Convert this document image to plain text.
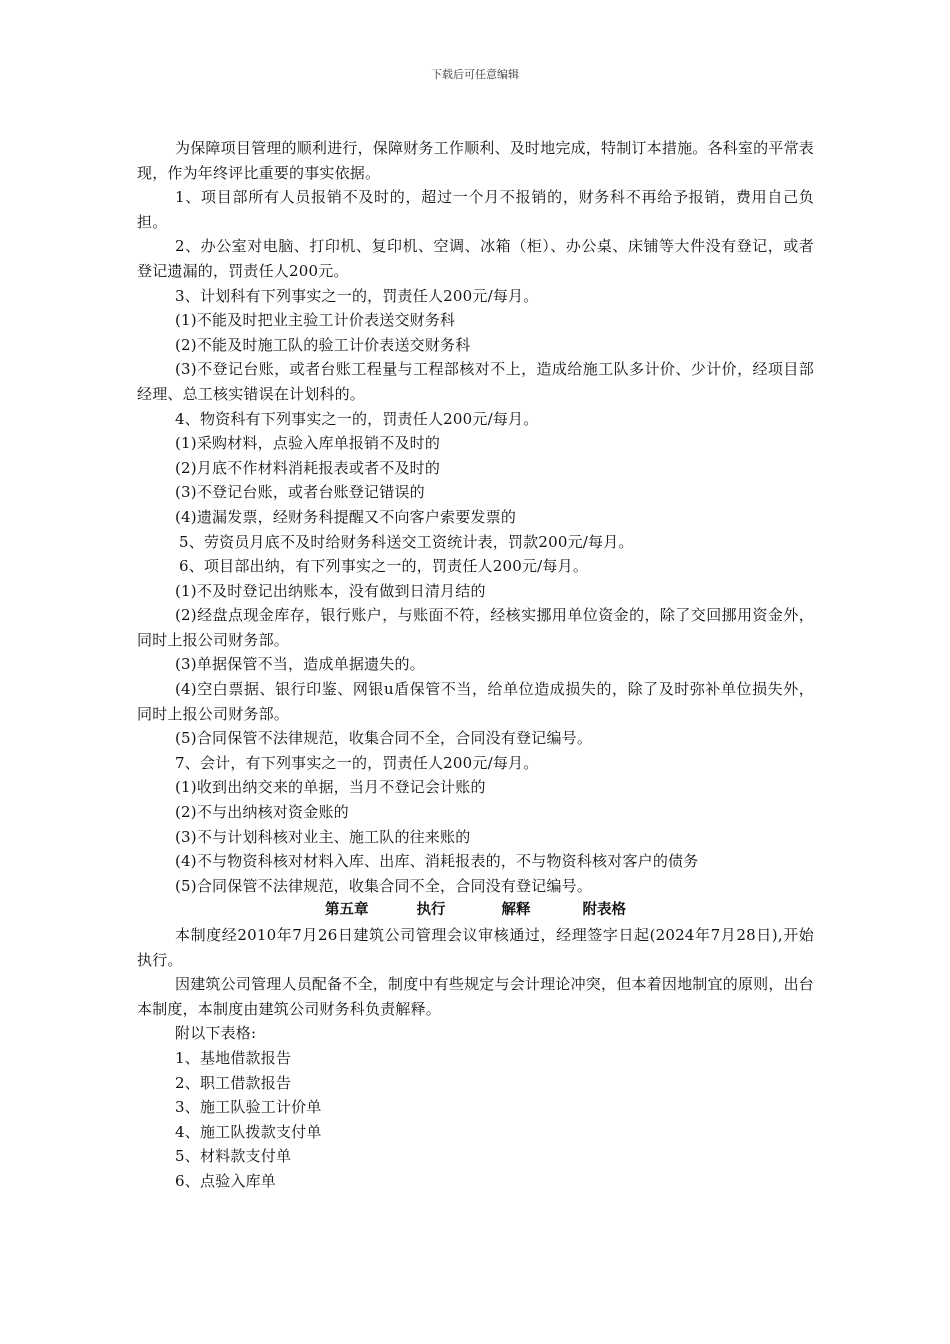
下载后可任意编辑

为保障项目管理的顺利进行，保障财务工作顺利、及时地完成，特制订本措施。各科室的平常表现，作为年终评比重要的事实依据。

1、项目部所有人员报销不及时的，超过一个月不报销的，财务科不再给予报销，费用自己负担。

2、办公室对电脑、打印机、复印机、空调、冰箱（柜）、办公桌、床铺等大件没有登记，或者登记遗漏的，罚责任人200元。

3、计划科有下列事实之一的，罚责任人200元/每月。

(1)不能及时把业主验工计价表送交财务科

(2)不能及时施工队的验工计价表送交财务科

(3)不登记台账，或者台账工程量与工程部核对不上，造成给施工队多计价、少计价，经项目部经理、总工核实错误在计划科的。

4、物资科有下列事实之一的，罚责任人200元/每月。

(1)采购材料，点验入库单报销不及时的

(2)月底不作材料消耗报表或者不及时的

(3)不登记台账，或者台账登记错误的

(4)遗漏发票，经财务科提醒又不向客户索要发票的

5、劳资员月底不及时给财务科送交工资统计表，罚款200元/每月。

6、项目部出纳，有下列事实之一的，罚责任人200元/每月。

(1)不及时登记出纳账本，没有做到日清月结的

(2)经盘点现金库存，银行账户，与账面不符，经核实挪用单位资金的，除了交回挪用资金外，同时上报公司财务部。

(3)单据保管不当，造成单据遗失的。

(4)空白票据、银行印鉴、网银u盾保管不当，给单位造成损失的，除了及时弥补单位损失外，同时上报公司财务部。

(5)合同保管不法律规范，收集合同不全，合同没有登记编号。

7、会计，有下列事实之一的，罚责任人200元/每月。

(1)收到出纳交来的单据，当月不登记会计账的

(2)不与出纳核对资金账的

(3)不与计划科核对业主、施工队的往来账的

(4)不与物资科核对材料入库、出库、消耗报表的，不与物资科核对客户的债务

(5)合同保管不法律规范，收集合同不全，合同没有登记编号。

第五章	执行	解释	附表格

本制度经2010年7月26日建筑公司管理会议审核通过，经理签字日起(2024年7月28日),开始执行。

因建筑公司管理人员配备不全，制度中有些规定与会计理论冲突，但本着因地制宜的原则，出台本制度，本制度由建筑公司财务科负责解释。

附以下表格:

1、基地借款报告

2、职工借款报告

3、施工队验工计价单

4、施工队拨款支付单

5、材料款支付单

6、点验入库单
